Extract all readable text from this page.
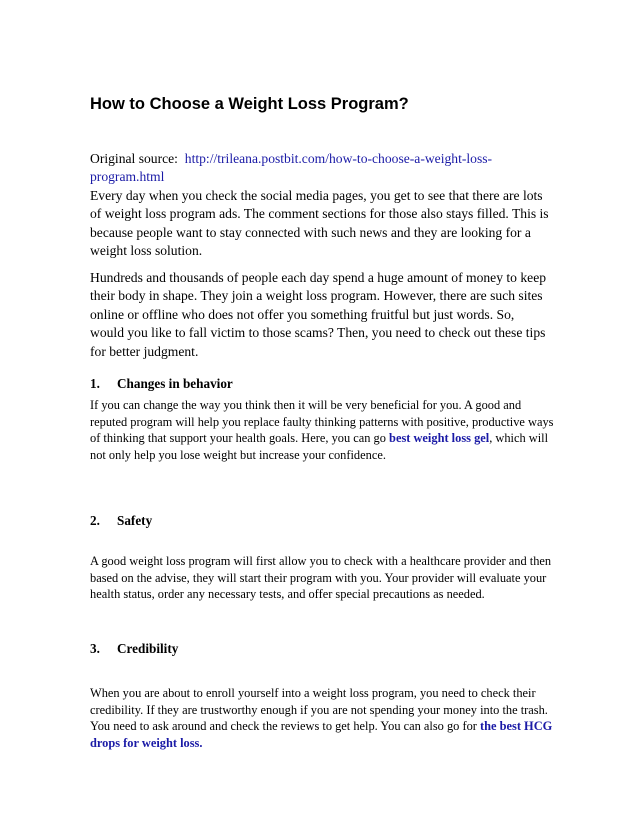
How to Choose a Weight Loss Program?

Original source: http://trileana.postbit.com/how-to-choose-a-weight-loss-program.html

Every day when you check the social media pages, you get to see that there are lots of weight loss program ads. The comment sections for those also stays filled. This is because people want to stay connected with such news and they are looking for a weight loss solution.

Hundreds and thousands of people each day spend a huge amount of money to keep their body in shape. They join a weight loss program. However, there are such sites online or offline who does not offer you something fruitful but just words. So, would you like to fall victim to those scams? Then, you need to check out these tips for better judgment.

1. Changes in behavior

If you can change the way you think then it will be very beneficial for you. A good and reputed program will help you replace faulty thinking patterns with positive, productive ways of thinking that support your health goals. Here, you can go best weight loss gel, which will not only help you lose weight but increase your confidence.

2. Safety

A good weight loss program will first allow you to check with a healthcare provider and then based on the advise, they will start their program with you. Your provider will evaluate your health status, order any necessary tests, and offer special precautions as needed.

3. Credibility

When you are about to enroll yourself into a weight loss program, you need to check their credibility. If they are trustworthy enough if you are not spending your money into the trash. You need to ask around and check the reviews to get help. You can also go for the best HCG drops for weight loss.
